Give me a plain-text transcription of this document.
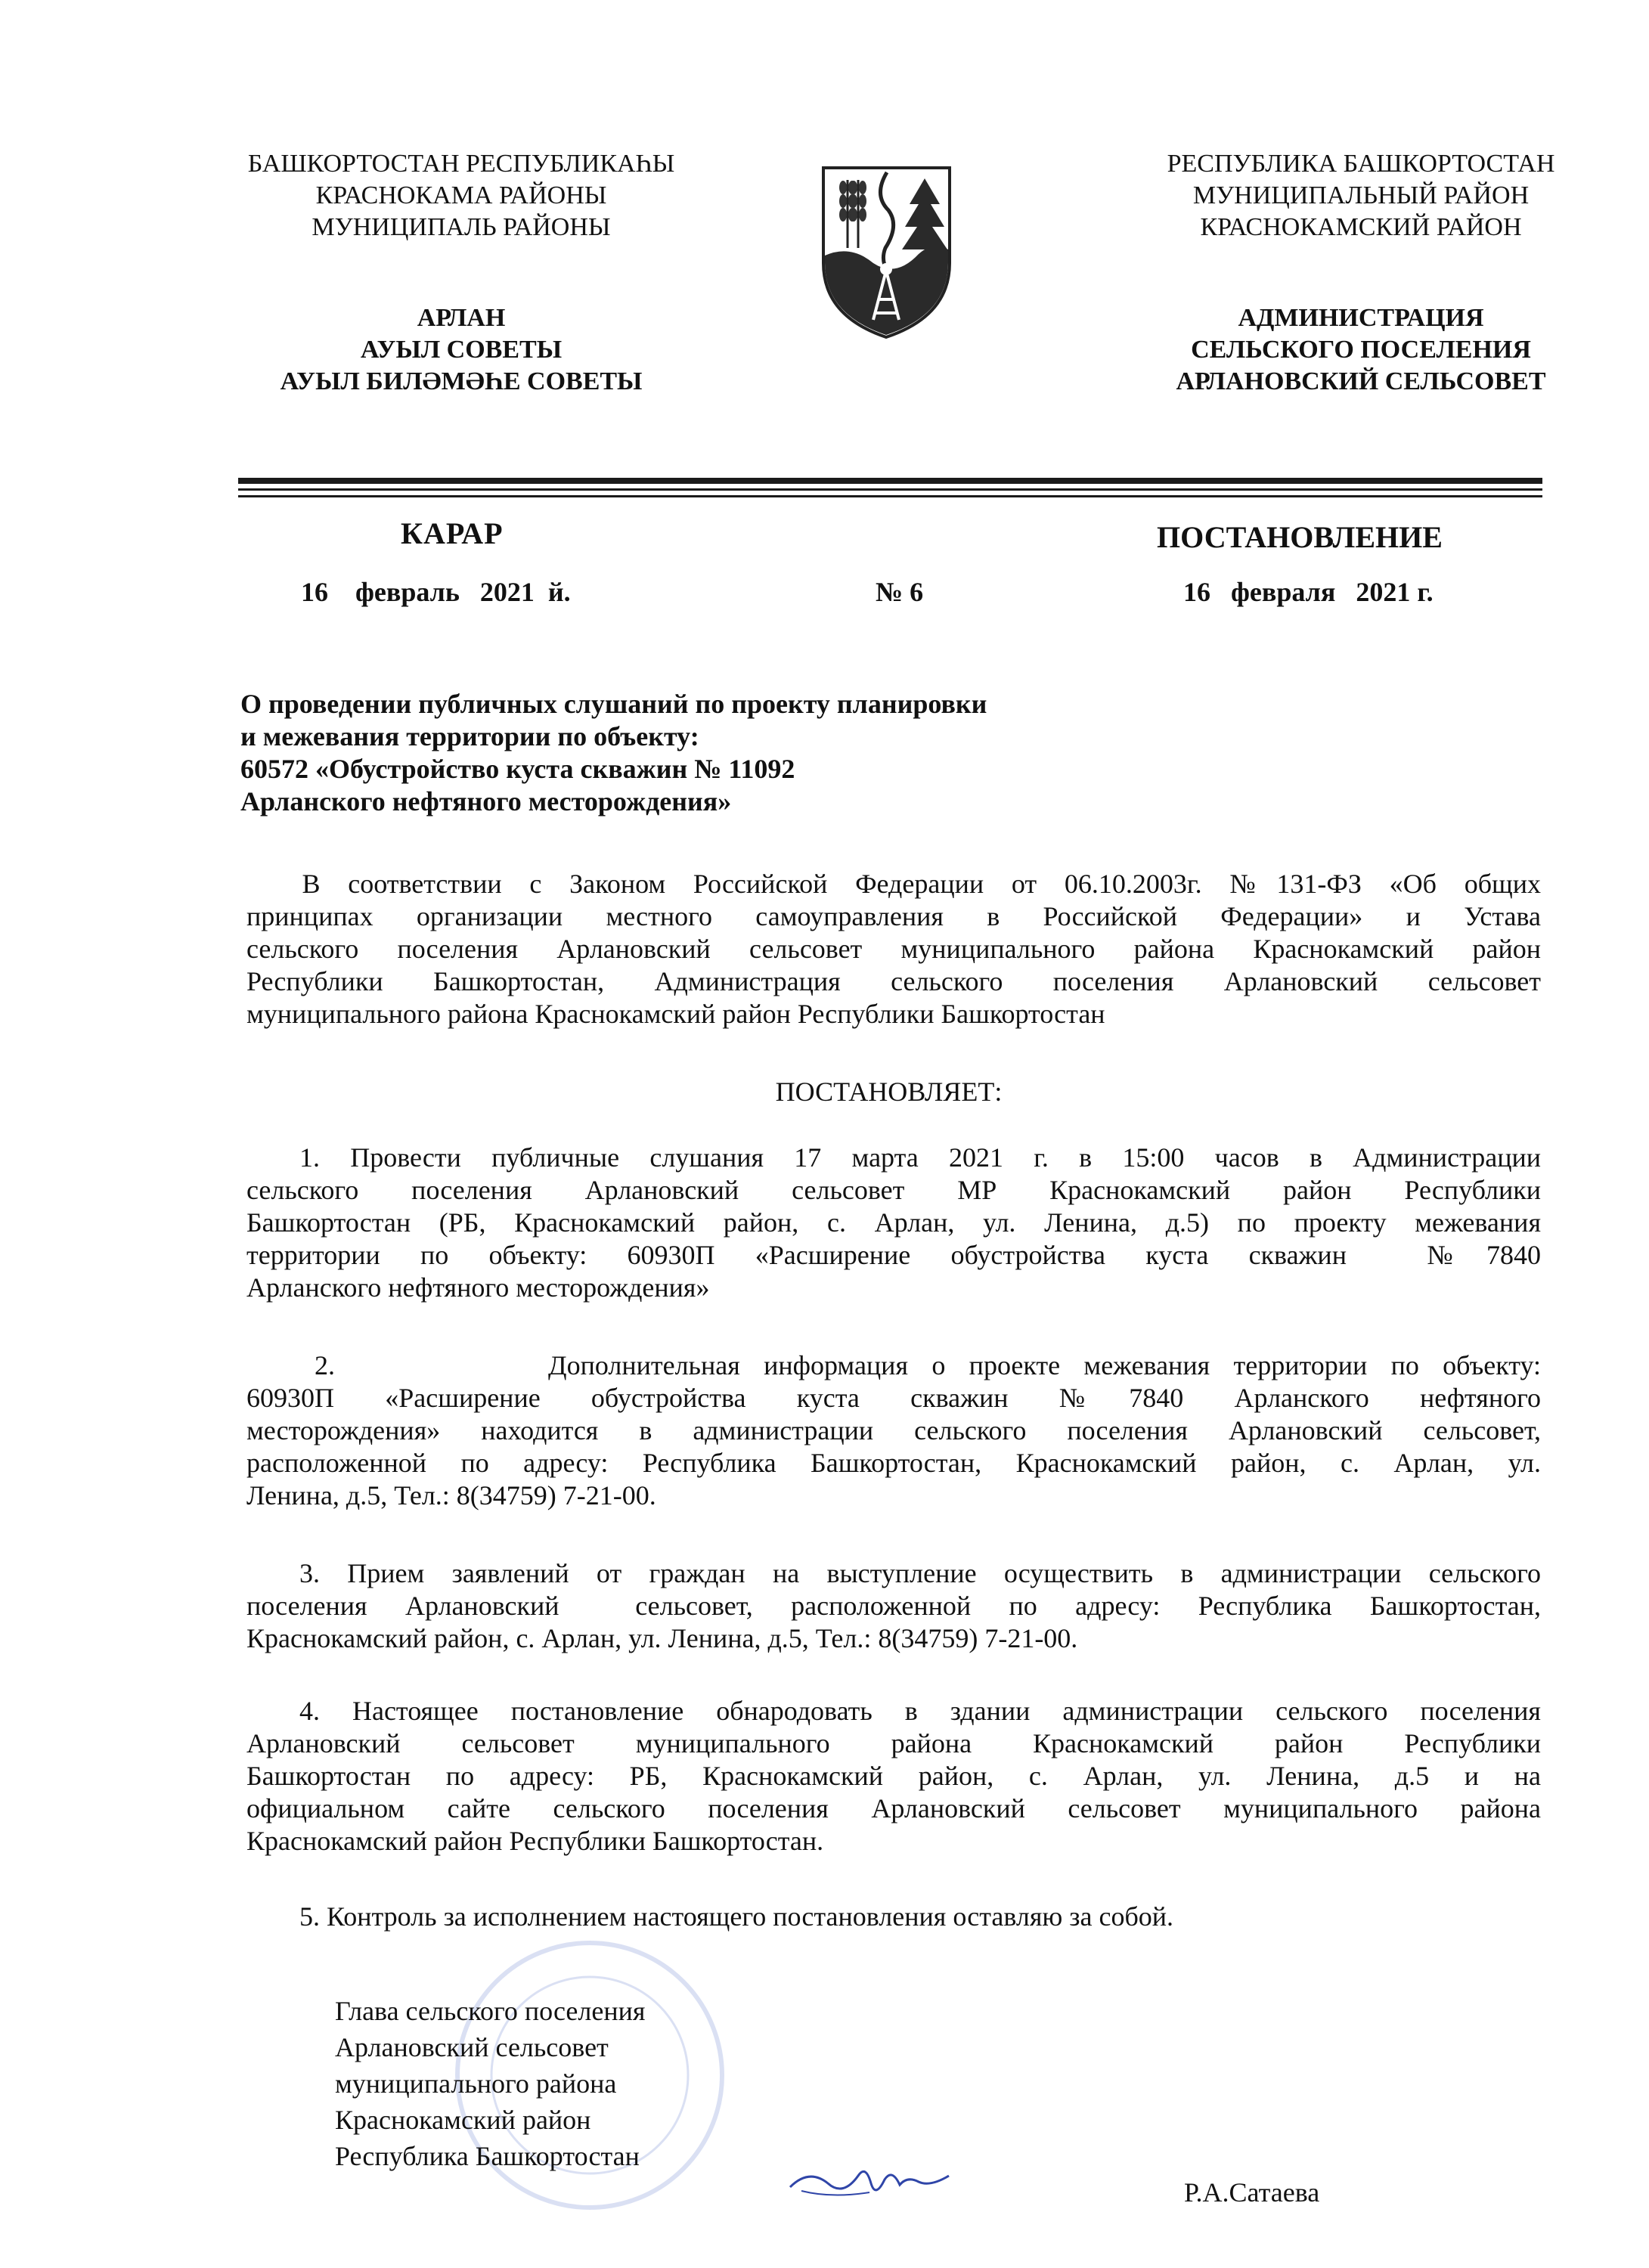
БАШКОРТОСТАН РЕСПУБЛИКАҺЫ
КРАСНОКАМА РАЙОНЫ
МУНИЦИПАЛЬ РАЙОНЫ
АРЛАН
АУЫЛ СОВЕТЫ
АУЫЛ БИЛӘМӘҺЕ СОВЕТЫ
РЕСПУБЛИКА БАШКОРТОСТАН
МУНИЦИПАЛЬНЫЙ РАЙОН
КРАСНОКАМСКИЙ РАЙОН
АДМИНИСТРАЦИЯ
СЕЛЬСКОГО ПОСЕЛЕНИЯ
АРЛАНОВСКИЙ СЕЛЬСОВЕТ
КАРАР	ПОСТАНОВЛЕНИЕ
16    февраль   2021  й.	№ 6	16   февраля   2021 г.
О проведении публичных слушаний по проекту планировки
и межевания территории по объекту:
60572 «Обустройство куста скважин № 11092
Арланского нефтяного месторождения»
В соответствии с Законом Российской Федерации от 06.10.2003г. №131-ФЗ «Об общих
принципах организации местного самоуправления в Российской Федерации» и Устава
сельского поселения Арлановский сельсовет муниципального района Краснокамский район
Республики Башкортостан, Администрация сельского поселения Арлановский сельсовет
муниципального района Краснокамский район Республики Башкортостан
ПОСТАНОВЛЯЕТ:
1. Провести публичные слушания 17 марта 2021 г. в 15:00 часов в Администрации
сельского поселения Арлановский сельсовет МР Краснокамский район Республики
Башкортостан (РБ, Краснокамский район, с. Арлан, ул. Ленина, д.5) по проекту межевания
территории по объекту: 60930П «Расширение обустройства куста скважин  №7840
Арланского нефтяного месторождения»
2.         Дополнительная информация о проекте межевания территории по объекту:
60930П «Расширение обустройства куста скважин №7840 Арланского нефтяного
месторождения» находится в администрации сельского поселения Арлановский сельсовет,
расположенной по адресу: Республика Башкортостан, Краснокамский район, с. Арлан, ул.
Ленина, д.5, Тел.: 8(34759) 7-21-00.
3. Прием заявлений от граждан на выступление осуществить в администрации сельского
поселения Арлановский  сельсовет, расположенной по адресу: Республика Башкортостан,
Краснокамский район, с. Арлан, ул. Ленина, д.5, Тел.: 8(34759) 7-21-00.
4. Настоящее постановление обнародовать в здании администрации сельского поселения
Арлановский сельсовет муниципального района Краснокамский район Республики
Башкортостан по адресу: РБ, Краснокамский район, с. Арлан, ул. Ленина, д.5 и на
официальном сайте сельского поселения Арлановский сельсовет муниципального района
Краснокамский район Республики Башкортостан.
5. Контроль за исполнением настоящего постановления оставляю за собой.
Глава сельского поселения
Арлановский сельсовет
муниципального района
Краснокамский район
Республика Башкортостан
Р.А.Сатаева
